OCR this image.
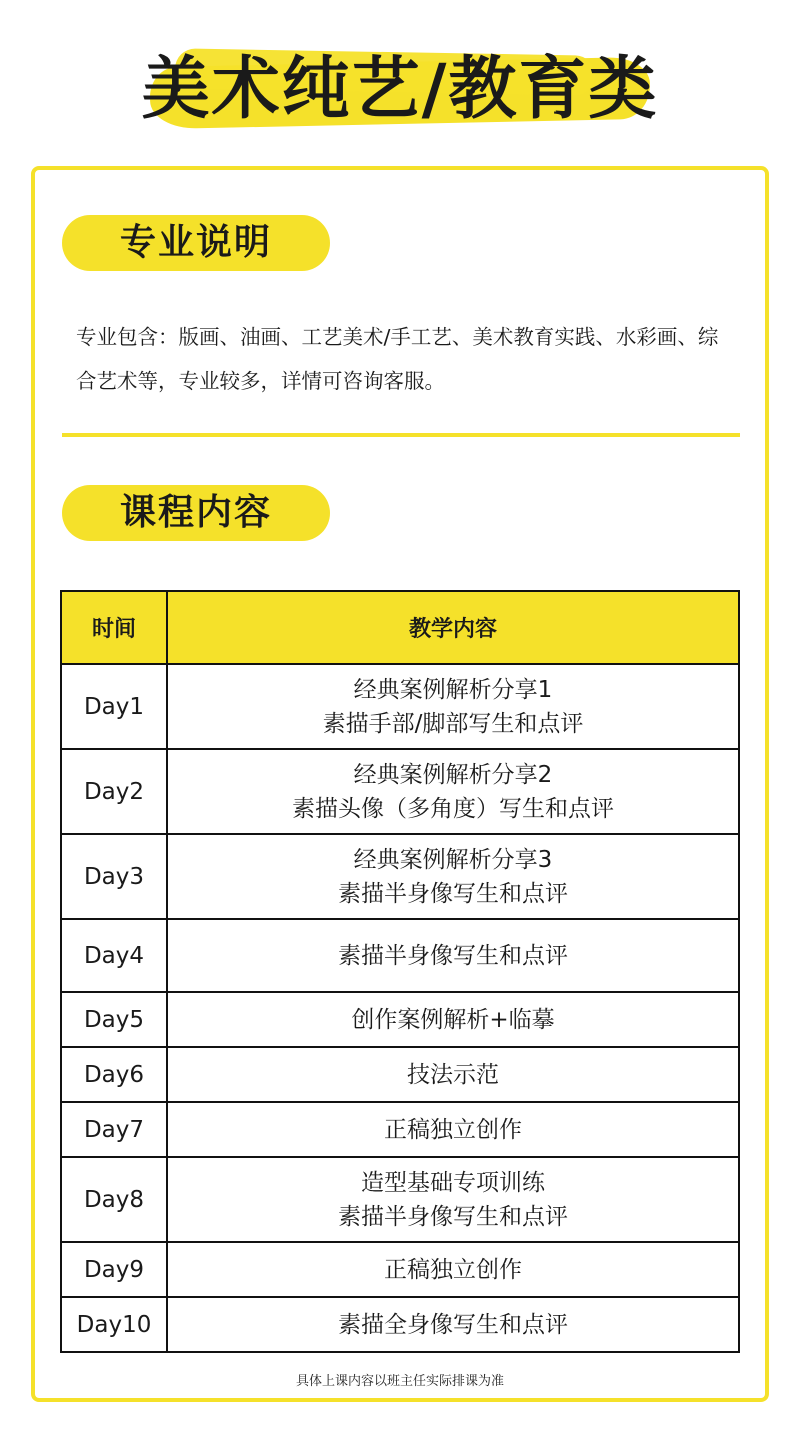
美术纯艺/教育类
专业说明

专业包含：版画、油画、工艺美术/手工艺、美术教育实践、水彩画、综合艺术等，专业较多，详情可咨询客服。

课程内容
时间	教学内容
Day1	经典案例解析分享1
素描手部/脚部写生和点评

Day2	经典案例解析分享2
素描头像（多角度）写生和点评

Day3	经典案例解析分享3
素描半身像写生和点评

Day4	素描半身像写生和点评

Day5	创作案例解析+临摹

Day6	技法示范

Day7	正稿独立创作

Day8	造型基础专项训练
素描半身像写生和点评

Day9	正稿独立创作

Day10	素描全身像写生和点评
具体上课内容以班主任实际排课为准
